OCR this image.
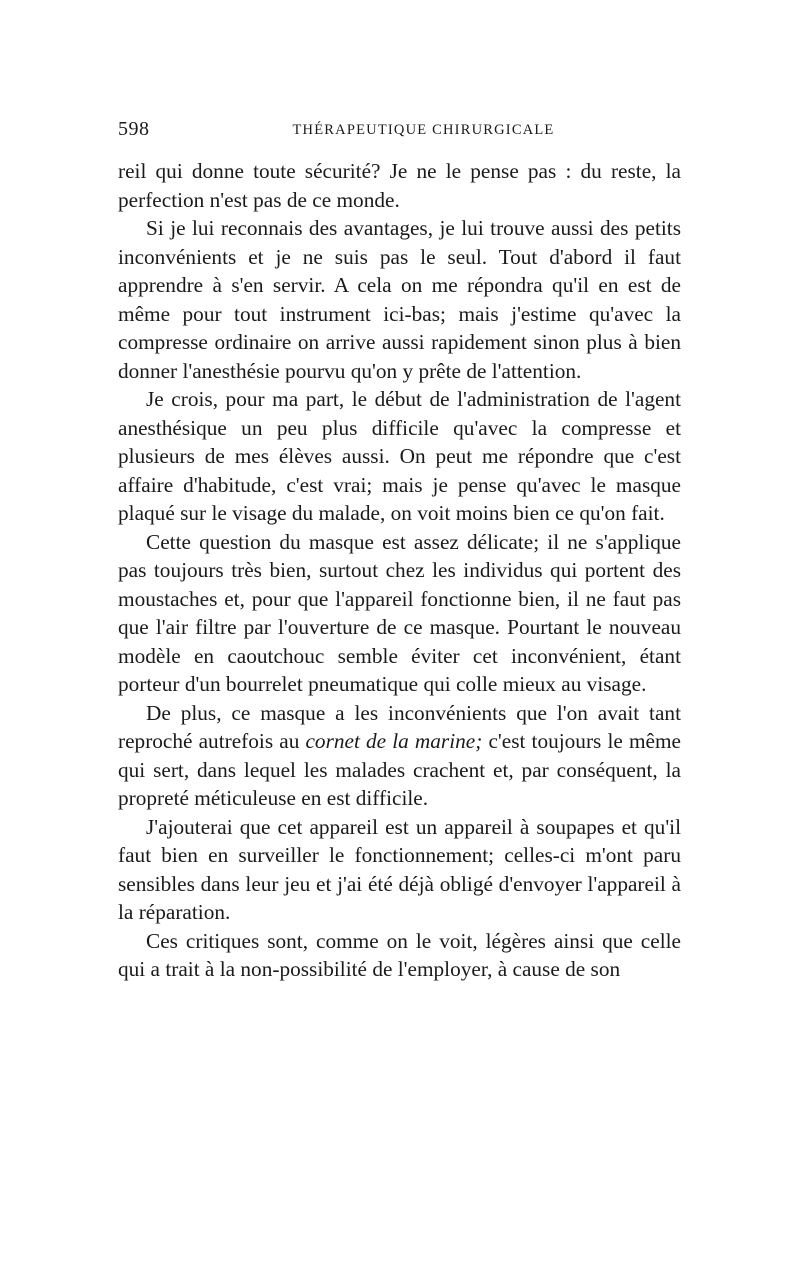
598	THÉRAPEUTIQUE CHIRURGICALE

reil qui donne toute sécurité? Je ne le pense pas : du reste, la perfection n'est pas de ce monde.

Si je lui reconnais des avantages, je lui trouve aussi des petits inconvénients et je ne suis pas le seul. Tout d'abord il faut apprendre à s'en servir. A cela on me répondra qu'il en est de même pour tout instrument ici-bas; mais j'estime qu'avec la compresse ordinaire on arrive aussi rapidement sinon plus à bien donner l'anesthésie pourvu qu'on y prête de l'attention.

Je crois, pour ma part, le début de l'administration de l'agent anesthésique un peu plus difficile qu'avec la compresse et plusieurs de mes élèves aussi. On peut me répondre que c'est affaire d'habitude, c'est vrai; mais je pense qu'avec le masque plaqué sur le visage du malade, on voit moins bien ce qu'on fait.

Cette question du masque est assez délicate; il ne s'applique pas toujours très bien, surtout chez les individus qui portent des moustaches et, pour que l'appareil fonctionne bien, il ne faut pas que l'air filtre par l'ouverture de ce masque. Pourtant le nouveau modèle en caoutchouc semble éviter cet inconvénient, étant porteur d'un bourrelet pneumatique qui colle mieux au visage.

De plus, ce masque a les inconvénients que l'on avait tant reproché autrefois au cornet de la marine; c'est toujours le même qui sert, dans lequel les malades crachent et, par conséquent, la propreté méticuleuse en est difficile.

J'ajouterai que cet appareil est un appareil à soupapes et qu'il faut bien en surveiller le fonctionnement; celles-ci m'ont paru sensibles dans leur jeu et j'ai été déjà obligé d'envoyer l'appareil à la réparation.

Ces critiques sont, comme on le voit, légères ainsi que celle qui a trait à la non-possibilité de l'employer, à cause de son
